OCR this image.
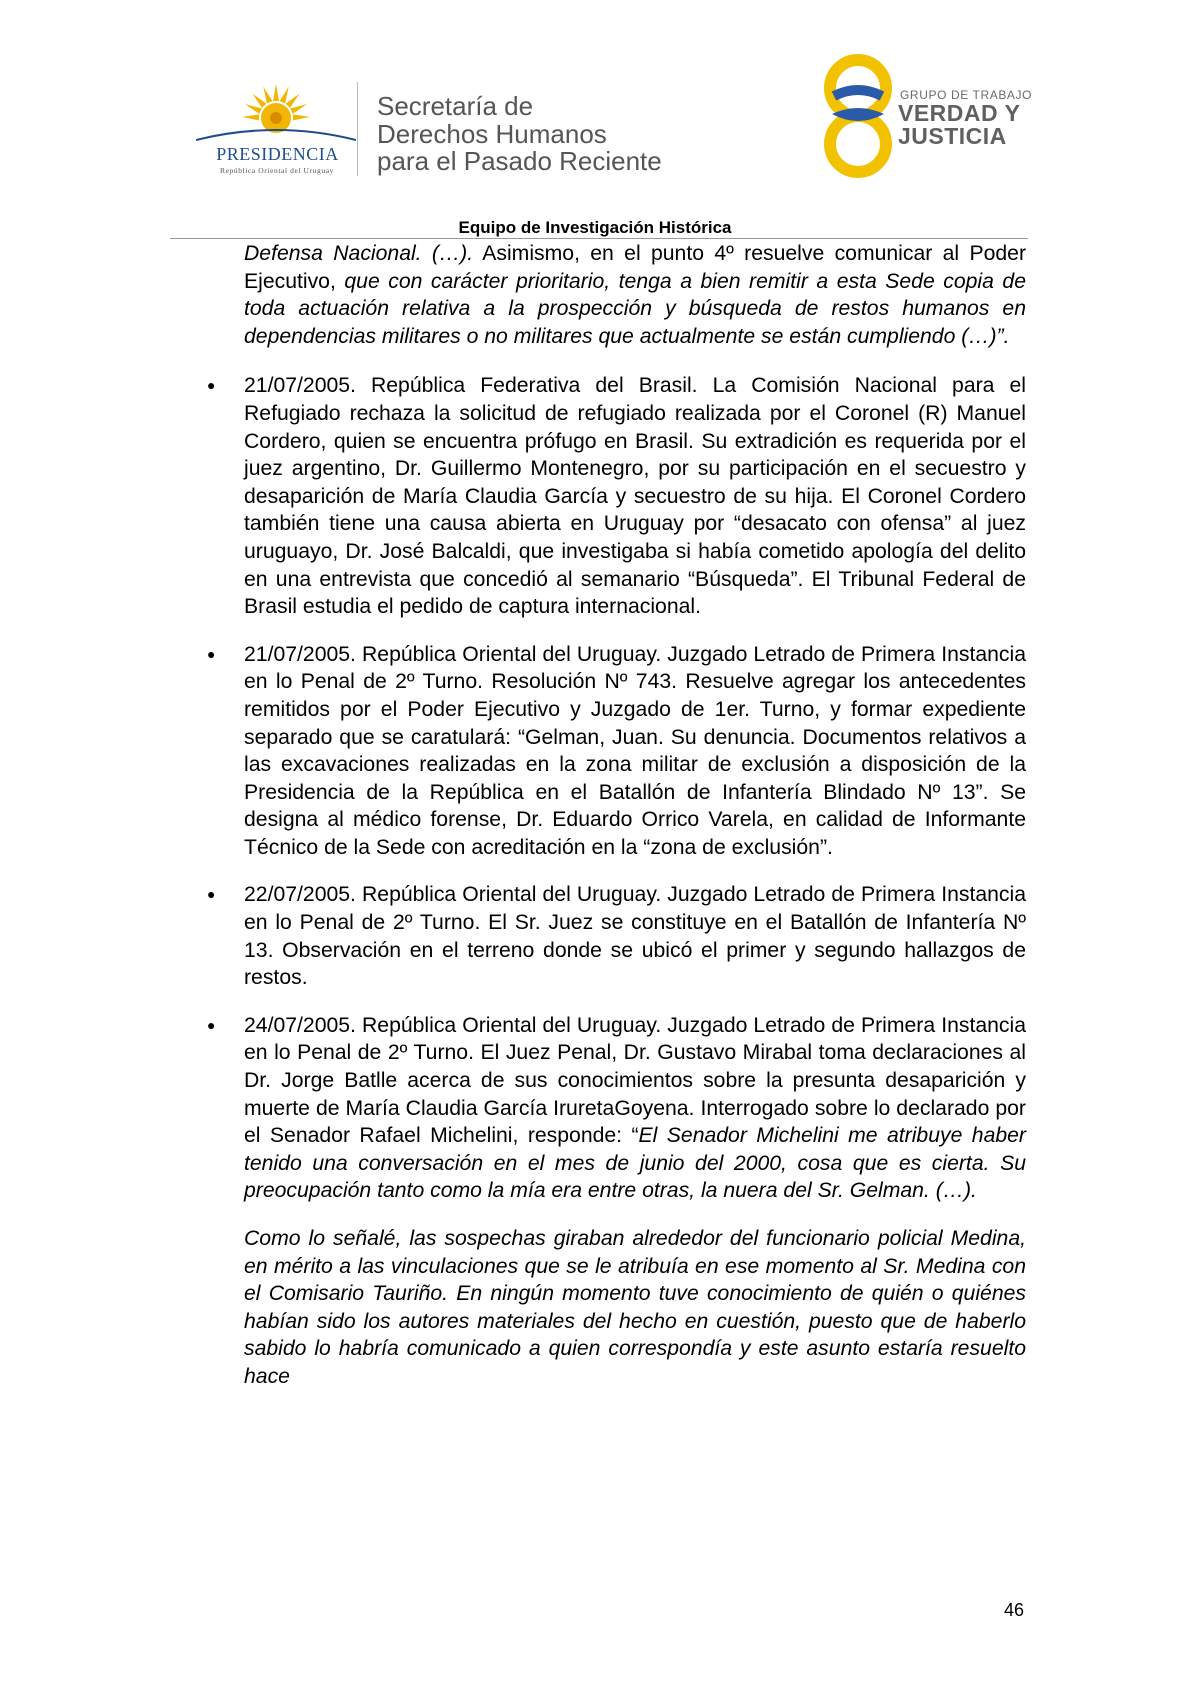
PRESIDENCIA
República Oriental del Uruguay
Secretaría de
Derechos Humanos
para el Pasado Reciente
GRUPO DE TRABAJO
VERDAD Y
JUSTICIA
Equipo de Investigación Histórica

Defensa Nacional. (…). Asimismo, en el punto 4º resuelve comunicar al Poder Ejecutivo, que con carácter prioritario, tenga a bien remitir a esta Sede copia de toda actuación relativa a la prospección y búsqueda de restos humanos en dependencias militares o no militares que actualmente se están cumpliendo (…)”.

● 21/07/2005. República Federativa del Brasil. La Comisión Nacional para el Refugiado rechaza la solicitud de refugiado realizada por el Coronel (R) Manuel Cordero, quien se encuentra prófugo en Brasil. Su extradición es requerida por el juez argentino, Dr. Guillermo Montenegro, por su participación en el secuestro y desaparición de María Claudia García y secuestro de su hija. El Coronel Cordero también tiene una causa abierta en Uruguay por “desacato con ofensa” al juez uruguayo, Dr. José Balcaldi, que investigaba si había cometido apología del delito en una entrevista que concedió al semanario “Búsqueda”. El Tribunal Federal de Brasil estudia el pedido de captura internacional.

● 21/07/2005. República Oriental del Uruguay. Juzgado Letrado de Primera Instancia en lo Penal de 2º Turno. Resolución Nº 743. Resuelve agregar los antecedentes remitidos por el Poder Ejecutivo y Juzgado de 1er. Turno, y formar expediente separado que se caratulará: “Gelman, Juan. Su denuncia. Documentos relativos a las excavaciones realizadas en la zona militar de exclusión a disposición de la Presidencia de la República en el Batallón de Infantería Blindado Nº 13”. Se designa al médico forense, Dr. Eduardo Orrico Varela, en calidad de Informante Técnico de la Sede con acreditación en la “zona de exclusión”.

● 22/07/2005. República Oriental del Uruguay. Juzgado Letrado de Primera Instancia en lo Penal de 2º Turno. El Sr. Juez se constituye en el Batallón de Infantería Nº 13. Observación en el terreno donde se ubicó el primer y segundo hallazgos de restos.

● 24/07/2005. República Oriental del Uruguay. Juzgado Letrado de Primera Instancia en lo Penal de 2º Turno. El Juez Penal, Dr. Gustavo Mirabal toma declaraciones al Dr. Jorge Batlle acerca de sus conocimientos sobre la presunta desaparición y muerte de María Claudia García IruretaGoyena. Interrogado sobre lo declarado por el Senador Rafael Michelini, responde: “El Senador Michelini me atribuye haber tenido una conversación en el mes de junio del 2000, cosa que es cierta. Su preocupación tanto como la mía era entre otras, la nuera del Sr. Gelman. (…).

Como lo señalé, las sospechas giraban alrededor del funcionario policial Medina, en mérito a las vinculaciones que se le atribuía en ese momento al Sr. Medina con el Comisario Tauriño. En ningún momento tuve conocimiento de quién o quiénes habían sido los autores materiales del hecho en cuestión, puesto que de haberlo sabido lo habría comunicado a quien correspondía y este asunto estaría resuelto hace

46
